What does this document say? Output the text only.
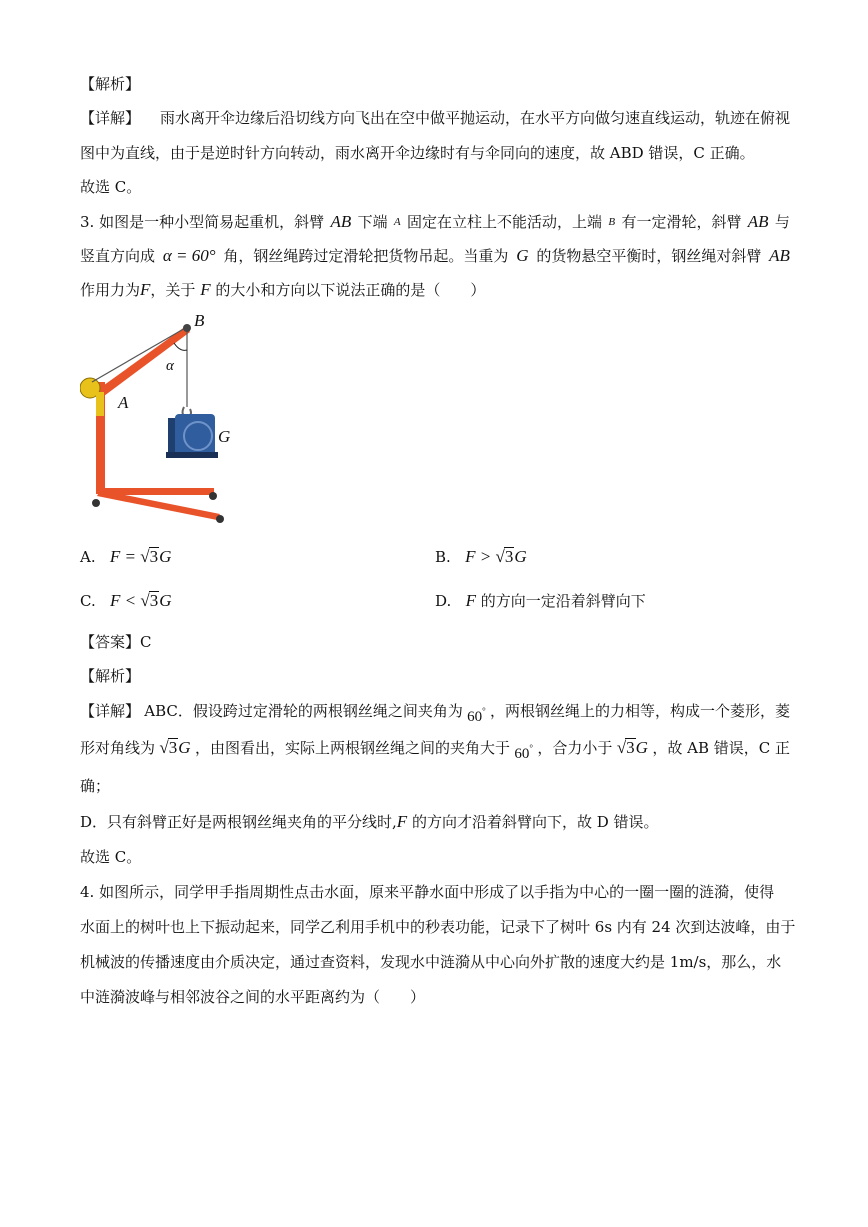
【解析】
【详解】 雨水离开伞边缘后沿切线方向飞出在空中做平抛运动，在水平方向做匀速直线运动，轨迹在俯视
图中为直线，由于是逆时针方向转动，雨水离开伞边缘时有与伞同向的速度，故 ABD 错误，C 正确。
故选 C。
3. 如图是一种小型简易起重机，斜臂 AB 下端 A 固定在立柱上不能活动，上端 B 有一定滑轮，斜臂 AB 与
竖直方向成 α = 60° 角，钢丝绳跨过定滑轮把货物吊起。当重为 G 的货物悬空平衡时，钢丝绳对斜臂 AB
作用力为F，关于 F 的大小和方向以下说法正确的是（　　）
B
A
α
G
A. F = √3G	B. F > √3G
C. F < √3G	D. F 的方向一定沿着斜臂向下
【答案】C
【解析】
【详解】 ABC．假设跨过定滑轮的两根钢丝绳之间夹角为 60° ，两根钢丝绳上的力相等，构成一个菱形，菱
形对角线为 √3G ，由图看出，实际上两根钢丝绳之间的夹角大于 60° ，合力小于 √3G ，故 AB 错误，C 正
确；
D．只有斜臂正好是两根钢丝绳夹角的平分线时,F 的方向才沿着斜臂向下，故 D 错误。
故选 C。
4. 如图所示，同学甲手指周期性点击水面，原来平静水面中形成了以手指为中心的一圈一圈的涟漪，使得
水面上的树叶也上下振动起来，同学乙利用手机中的秒表功能，记录下了树叶 6s 内有 24 次到达波峰，由于
机械波的传播速度由介质决定，通过查资料，发现水中涟漪从中心向外扩散的速度大约是 1m/s，那么，水
中涟漪波峰与相邻波谷之间的水平距离约为（　　）
